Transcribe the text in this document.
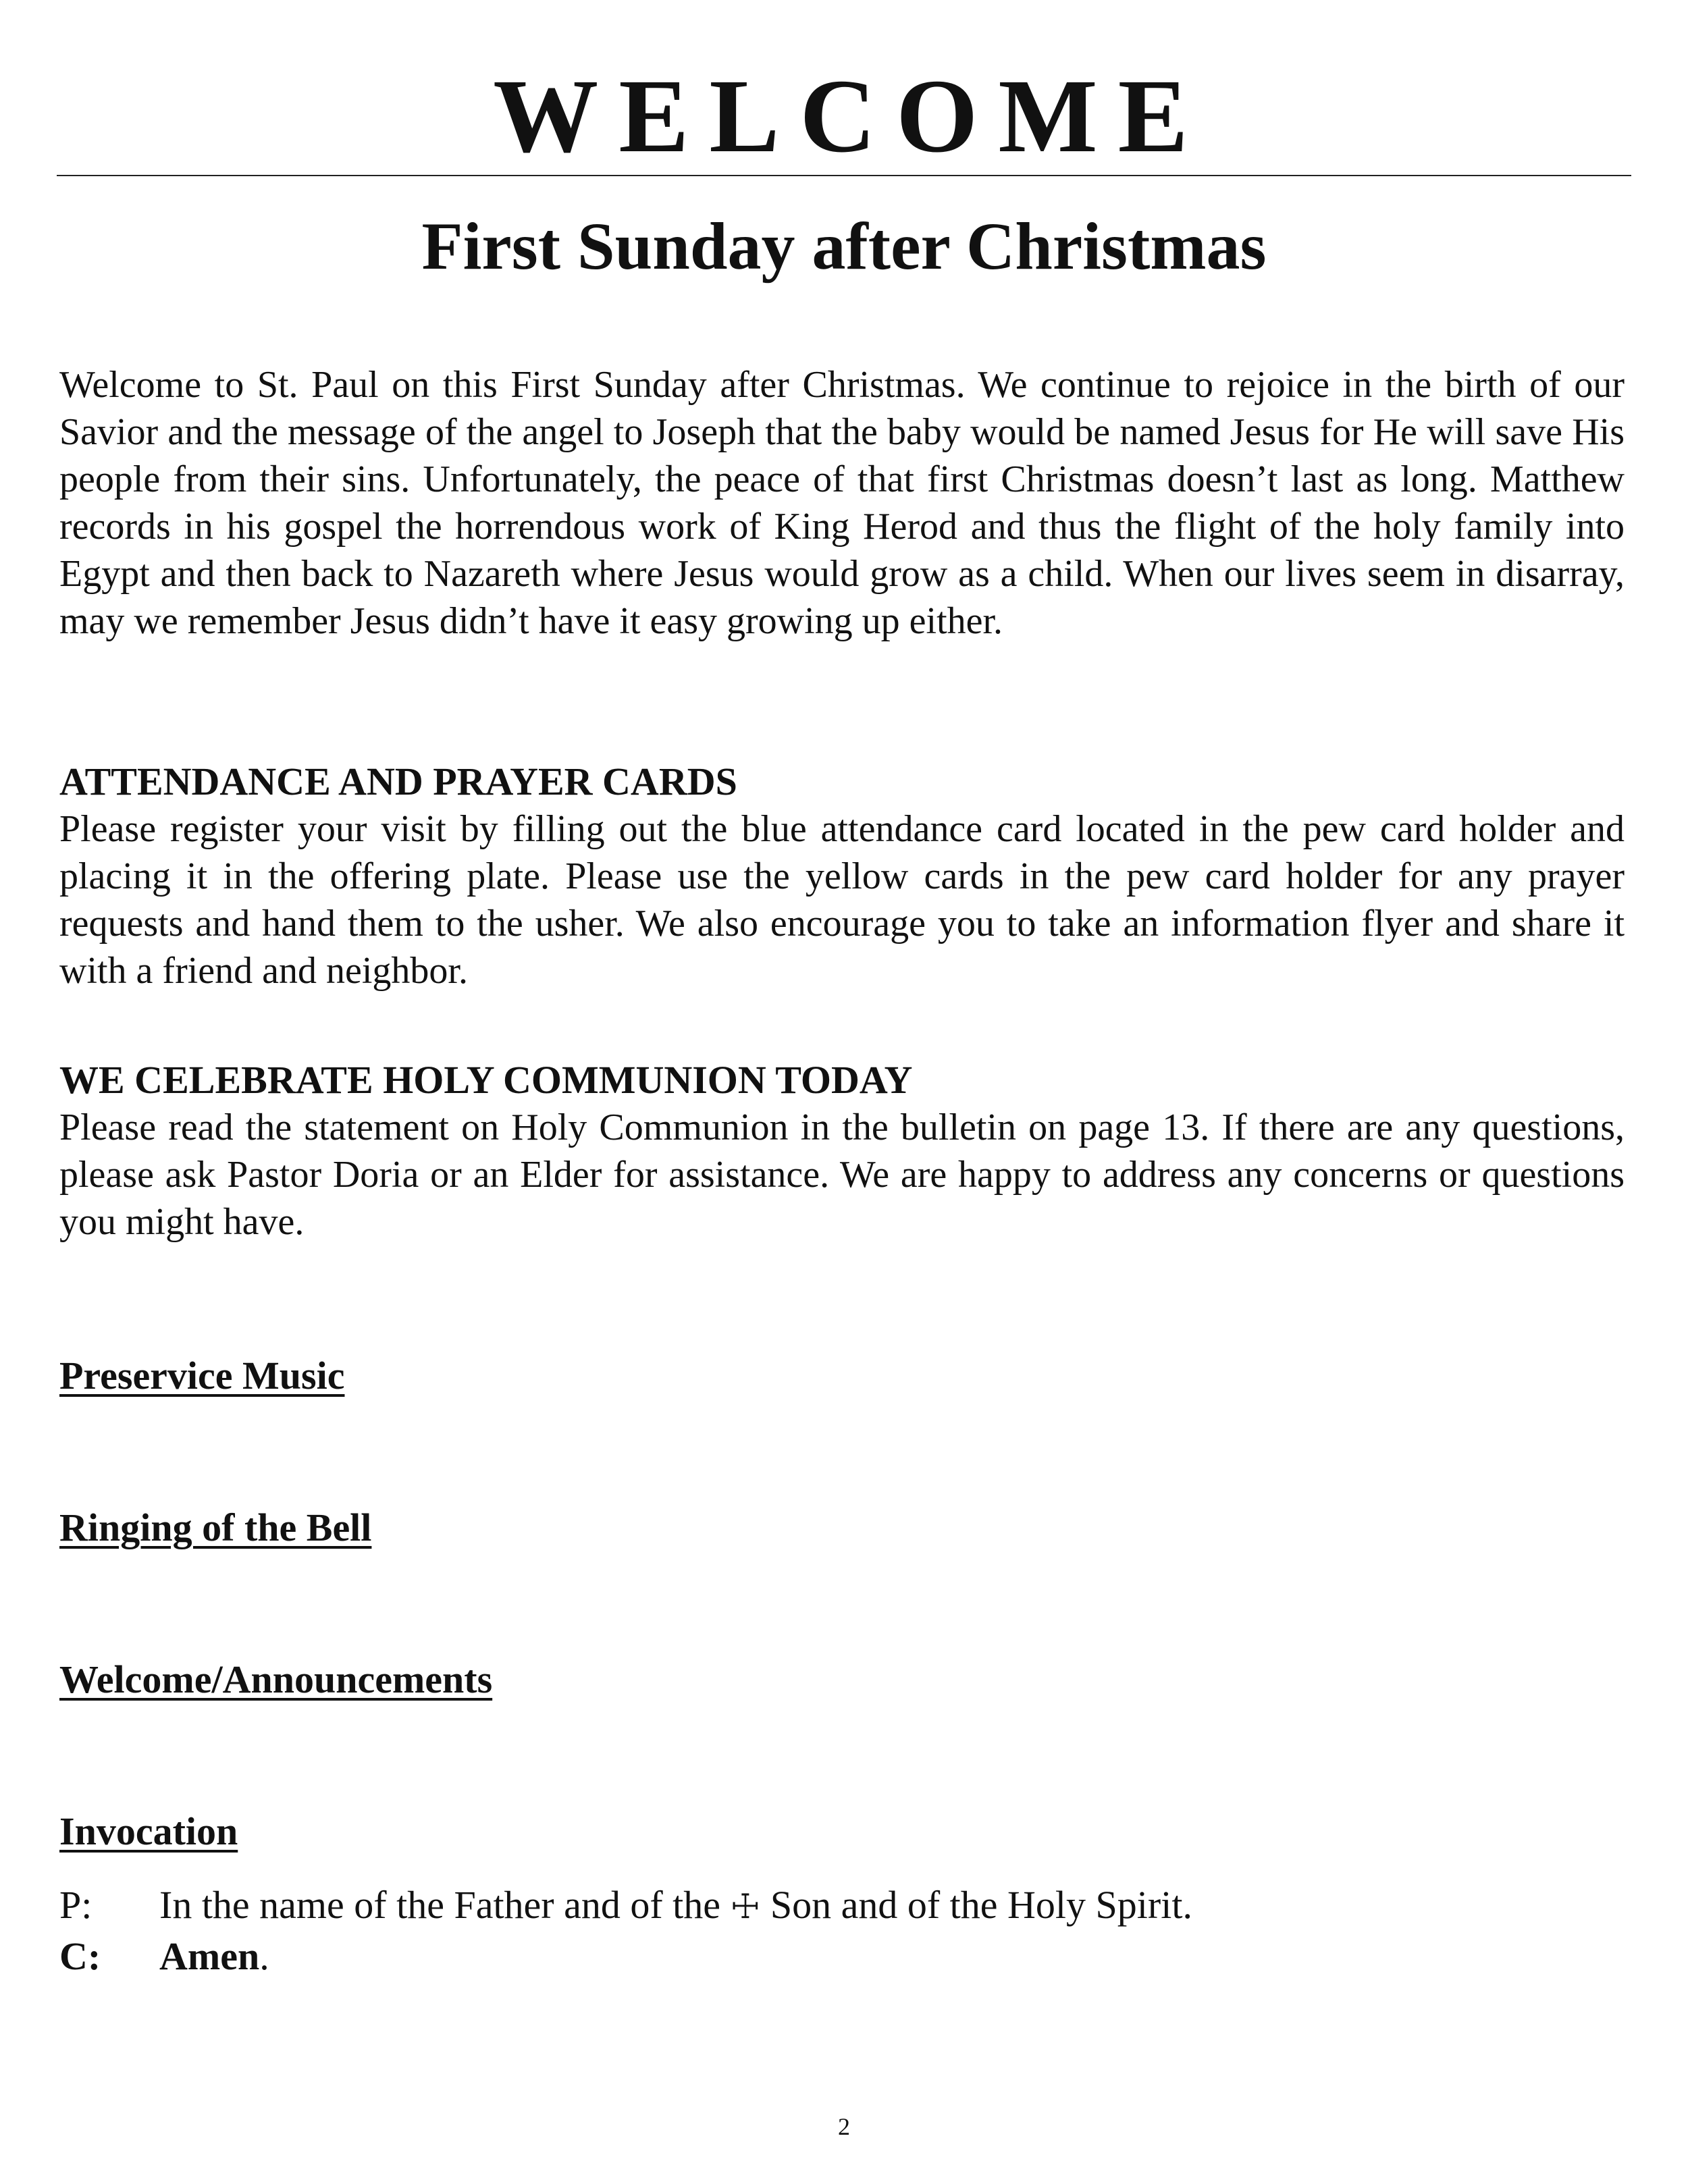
WELCOME
First Sunday after Christmas

Welcome to St. Paul on this First Sunday after Christmas. We continue to rejoice in the birth of our Savior and the message of the angel to Joseph that the baby would be named Jesus for He will save His people from their sins. Unfortunately, the peace of that first Christmas doesn’t last as long. Matthew records in his gospel the horrendous work of King Herod and thus the flight of the holy family into Egypt and then back to Nazareth where Jesus would grow as a child. When our lives seem in disarray, may we remember Jesus didn’t have it easy growing up either.

ATTENDANCE AND PRAYER CARDS

Please register your visit by filling out the blue attendance card located in the pew card holder and placing it in the offering plate. Please use the yellow cards in the pew card holder for any prayer requests and hand them to the usher. We also encourage you to take an information flyer and share it with a friend and neighbor.

WE CELEBRATE HOLY COMMUNION TODAY

Please read the statement on Holy Communion in the bulletin on page 13. If there are any questions, please ask Pastor Doria or an Elder for assistance. We are happy to address any concerns or questions you might have.

Preservice Music
Ringing of the Bell
Welcome/Announcements
Invocation
P: In the name of the Father and of the ☩ Son and of the Holy Spirit.
C: Amen.
2
